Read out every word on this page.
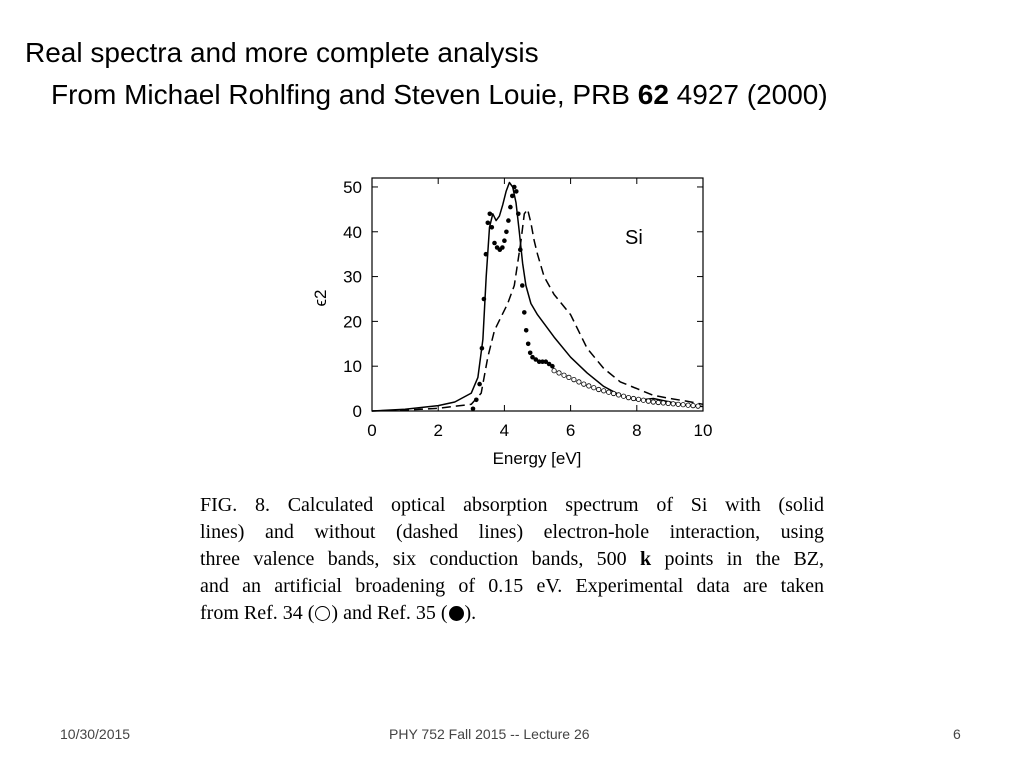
Real spectra and more complete analysis
From Michael Rohlfing and Steven Louie, PRB 62 4927 (2000)
0	2	4	6	8	10
0
10
20
30
40
50
Si
Energy [eV]
ϵ2
FIG. 8. Calculated optical absorption spectrum of Si with (solid
lines) and without (dashed lines) electron-hole interaction, using
three valence bands, six conduction bands, 500 k points in the BZ,
and an artificial broadening of 0.15 eV. Experimental data are taken
from Ref. 34 ( ) and Ref. 35 ( ).
10/30/2015	PHY 752 Fall 2015 -- Lecture 26	6
